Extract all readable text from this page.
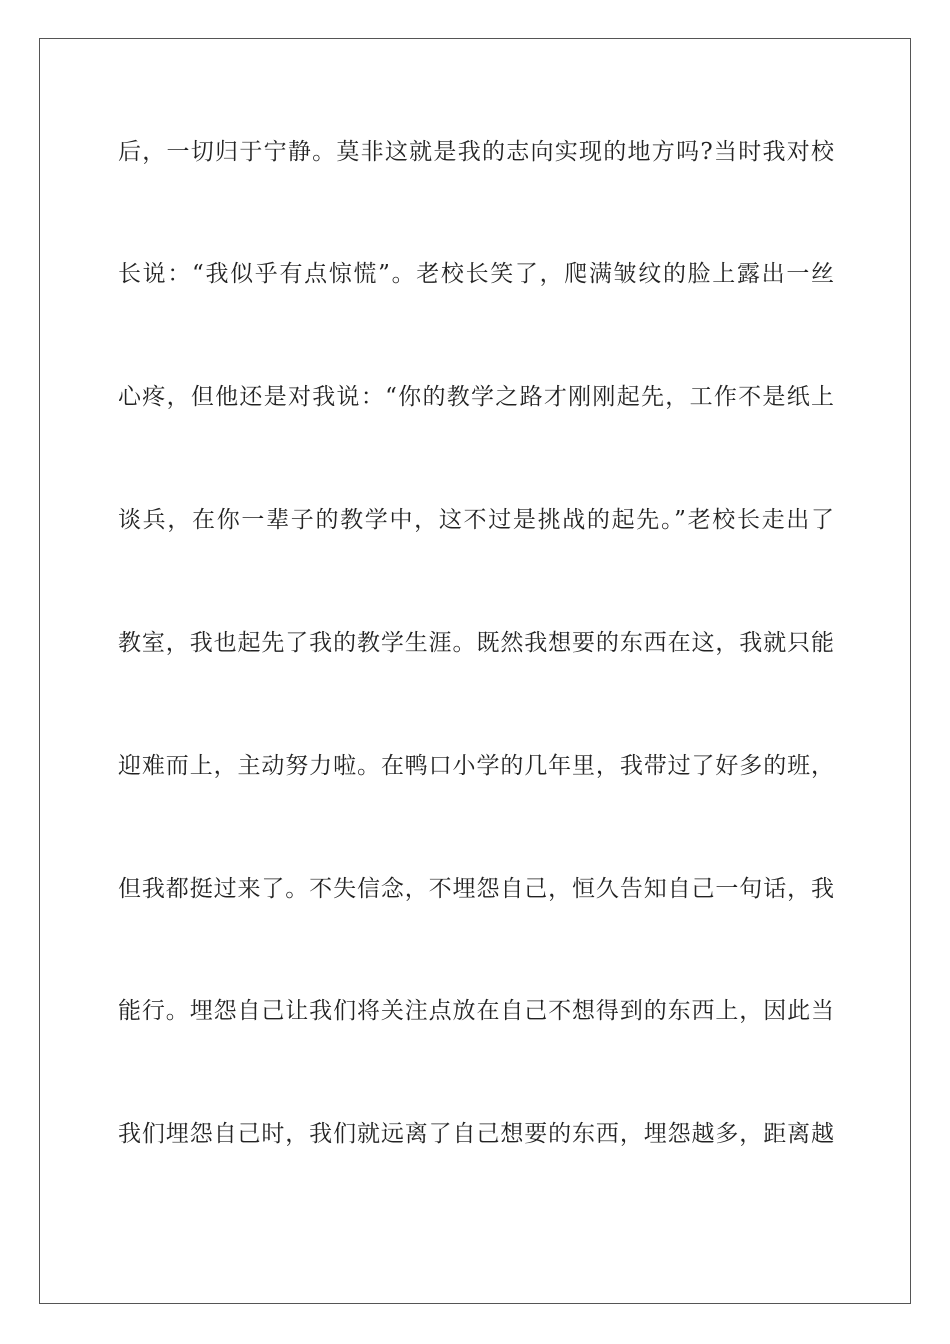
后，一切归于宁静。莫非这就是我的志向实现的地方吗?当时我对校
长说：“我似乎有点惊慌”。老校长笑了，爬满皱纹的脸上露出一丝
心疼，但他还是对我说：“你的教学之路才刚刚起先，工作不是纸上
谈兵，在你一辈子的教学中，这不过是挑战的起先。”老校长走出了
教室，我也起先了我的教学生涯。既然我想要的东西在这，我就只能
迎难而上，主动努力啦。在鸭口小学的几年里，我带过了好多的班，
但我都挺过来了。不失信念，不埋怨自己，恒久告知自己一句话，我
能行。埋怨自己让我们将关注点放在自己不想得到的东西上，因此当
我们埋怨自己时，我们就远离了自己想要的东西，埋怨越多，距离越
